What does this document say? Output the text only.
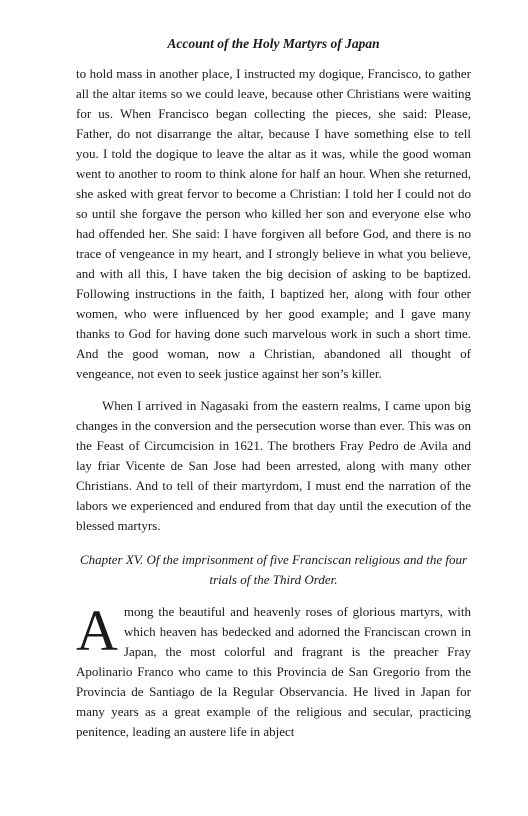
Account of the Holy Martyrs of Japan

to hold mass in another place, I instructed my dogique, Francisco, to gather all the altar items so we could leave, because other Christians were waiting for us. When Francisco began collecting the pieces, she said: Please, Father, do not disarrange the altar, because I have something else to tell you. I told the dogique to leave the altar as it was, while the good woman went to another to room to think alone for half an hour. When she returned, she asked with great fervor to become a Christian: I told her I could not do so until she forgave the person who killed her son and everyone else who had offended her. She said: I have forgiven all before God, and there is no trace of vengeance in my heart, and I strongly believe in what you believe, and with all this, I have taken the big decision of asking to be baptized. Following instructions in the faith, I baptized her, along with four other women, who were influenced by her good example; and I gave many thanks to God for having done such marvelous work in such a short time. And the good woman, now a Christian, abandoned all thought of vengeance, not even to seek justice against her son’s killer.

When I arrived in Nagasaki from the eastern realms, I came upon big changes in the conversion and the persecution worse than ever. This was on the Feast of Circumcision in 1621. The brothers Fray Pedro de Avila and lay friar Vicente de San Jose had been arrested, along with many other Christians. And to tell of their martyrdom, I must end the narration of the labors we experienced and endured from that day until the execution of the blessed martyrs.

Chapter XV. Of the imprisonment of five Franciscan religious and the four trials of the Third Order.

Among the beautiful and heavenly roses of glorious martyrs, with which heaven has bedecked and adorned the Franciscan crown in Japan, the most colorful and fragrant is the preacher Fray Apolinario Franco who came to this Provincia de San Gregorio from the Provincia de Santiago de la Regular Observancia. He lived in Japan for many years as a great example of the religious and secular, practicing penitence, leading an austere life in abject
